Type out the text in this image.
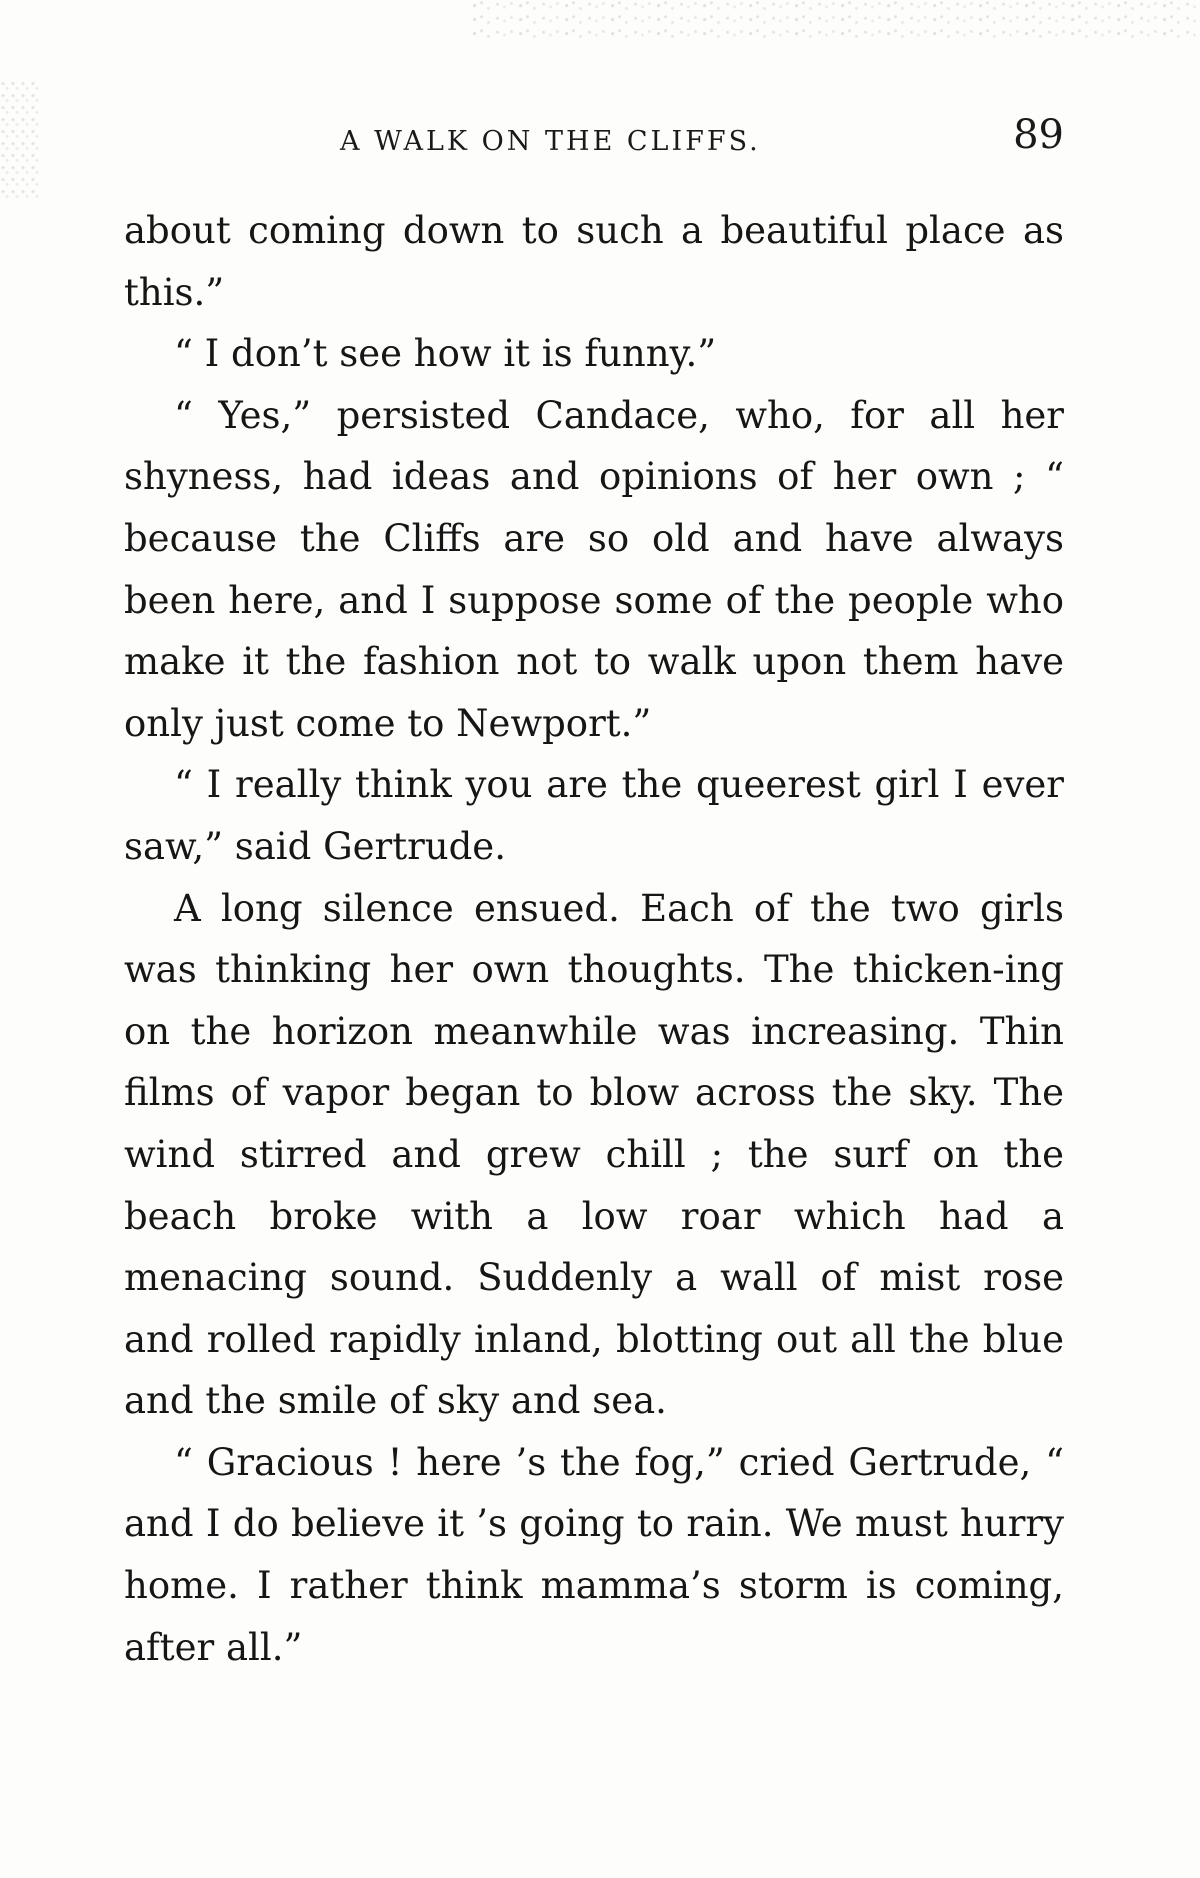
A WALK ON THE CLIFFS.	89

about coming down to such a beautiful place as this.”

“ I don’t see how it is funny.”

“ Yes,” persisted Candace, who, for all her shyness, had ideas and opinions of her own ; “ because the Cliffs are so old and have always been here, and I suppose some of the people who make it the fashion not to walk upon them have only just come to Newport.”

“ I really think you are the queerest girl I ever saw,” said Gertrude.

A long silence ensued. Each of the two girls was thinking her own thoughts. The thicken-ing on the horizon meanwhile was increasing. Thin films of vapor began to blow across the sky. The wind stirred and grew chill ; the surf on the beach broke with a low roar which had a menacing sound. Suddenly a wall of mist rose and rolled rapidly inland, blotting out all the blue and the smile of sky and sea.

“ Gracious ! here ’s the fog,” cried Gertrude, “ and I do believe it ’s going to rain. We must hurry home. I rather think mamma’s storm is coming, after all.”
